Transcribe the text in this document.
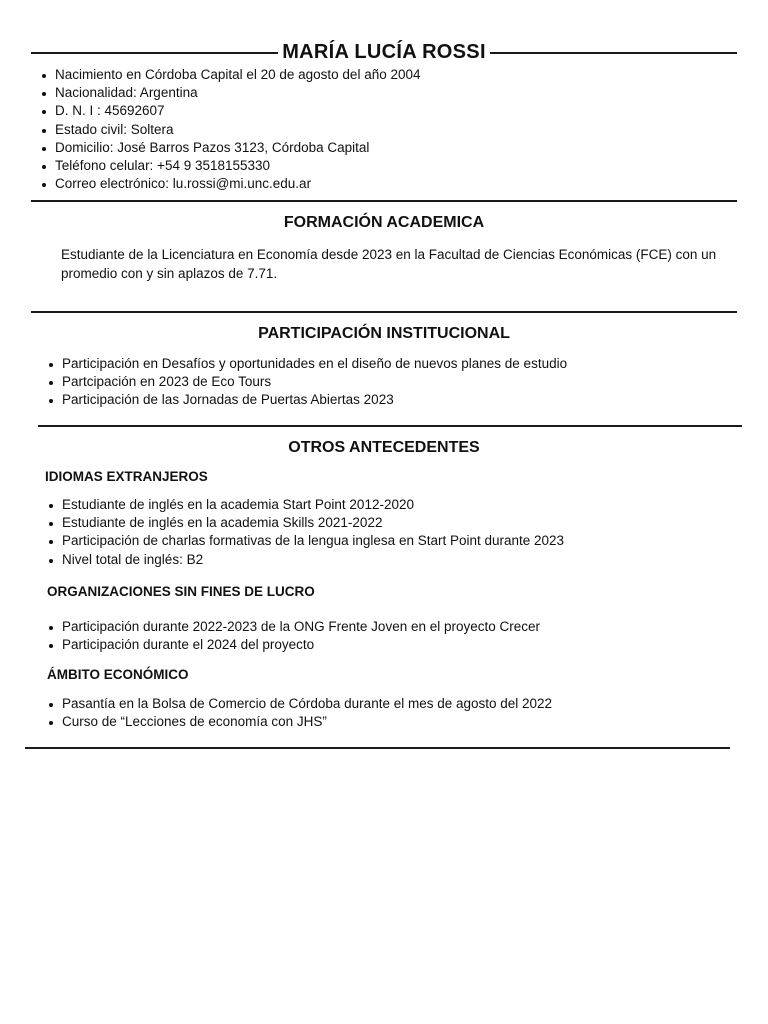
MARÍA LUCÍA ROSSI
Nacimiento en Córdoba Capital el 20 de agosto del año 2004
Nacionalidad: Argentina
D. N. I : 45692607
Estado civil: Soltera
Domicilio: José Barros Pazos 3123, Córdoba Capital
Teléfono celular: +54 9 3518155330
Correo electrónico: lu.rossi@mi.unc.edu.ar
FORMACIÓN ACADEMICA

Estudiante de la Licenciatura en Economía desde 2023 en la Facultad de Ciencias Económicas (FCE) con un promedio con y sin aplazos de 7.71.

PARTICIPACIÓN INSTITUCIONAL
Participación en Desafíos y oportunidades en el diseño de nuevos planes de estudio
Partcipación en 2023 de Eco Tours
Participación de las Jornadas de Puertas Abiertas 2023
OTROS ANTECEDENTES
IDIOMAS EXTRANJEROS
Estudiante de inglés en la academia Start Point 2012-2020
Estudiante de inglés en la academia Skills 2021-2022
Participación de charlas formativas de la lengua inglesa en Start Point durante 2023
Nivel total de inglés: B2
ORGANIZACIONES SIN FINES DE LUCRO
Participación durante 2022-2023 de la ONG Frente Joven en el proyecto Crecer
Participación durante el 2024 del proyecto
ÁMBITO ECONÓMICO
Pasantía en la Bolsa de Comercio de Córdoba durante el mes de agosto del 2022
Curso de “Lecciones de economía con JHS”
